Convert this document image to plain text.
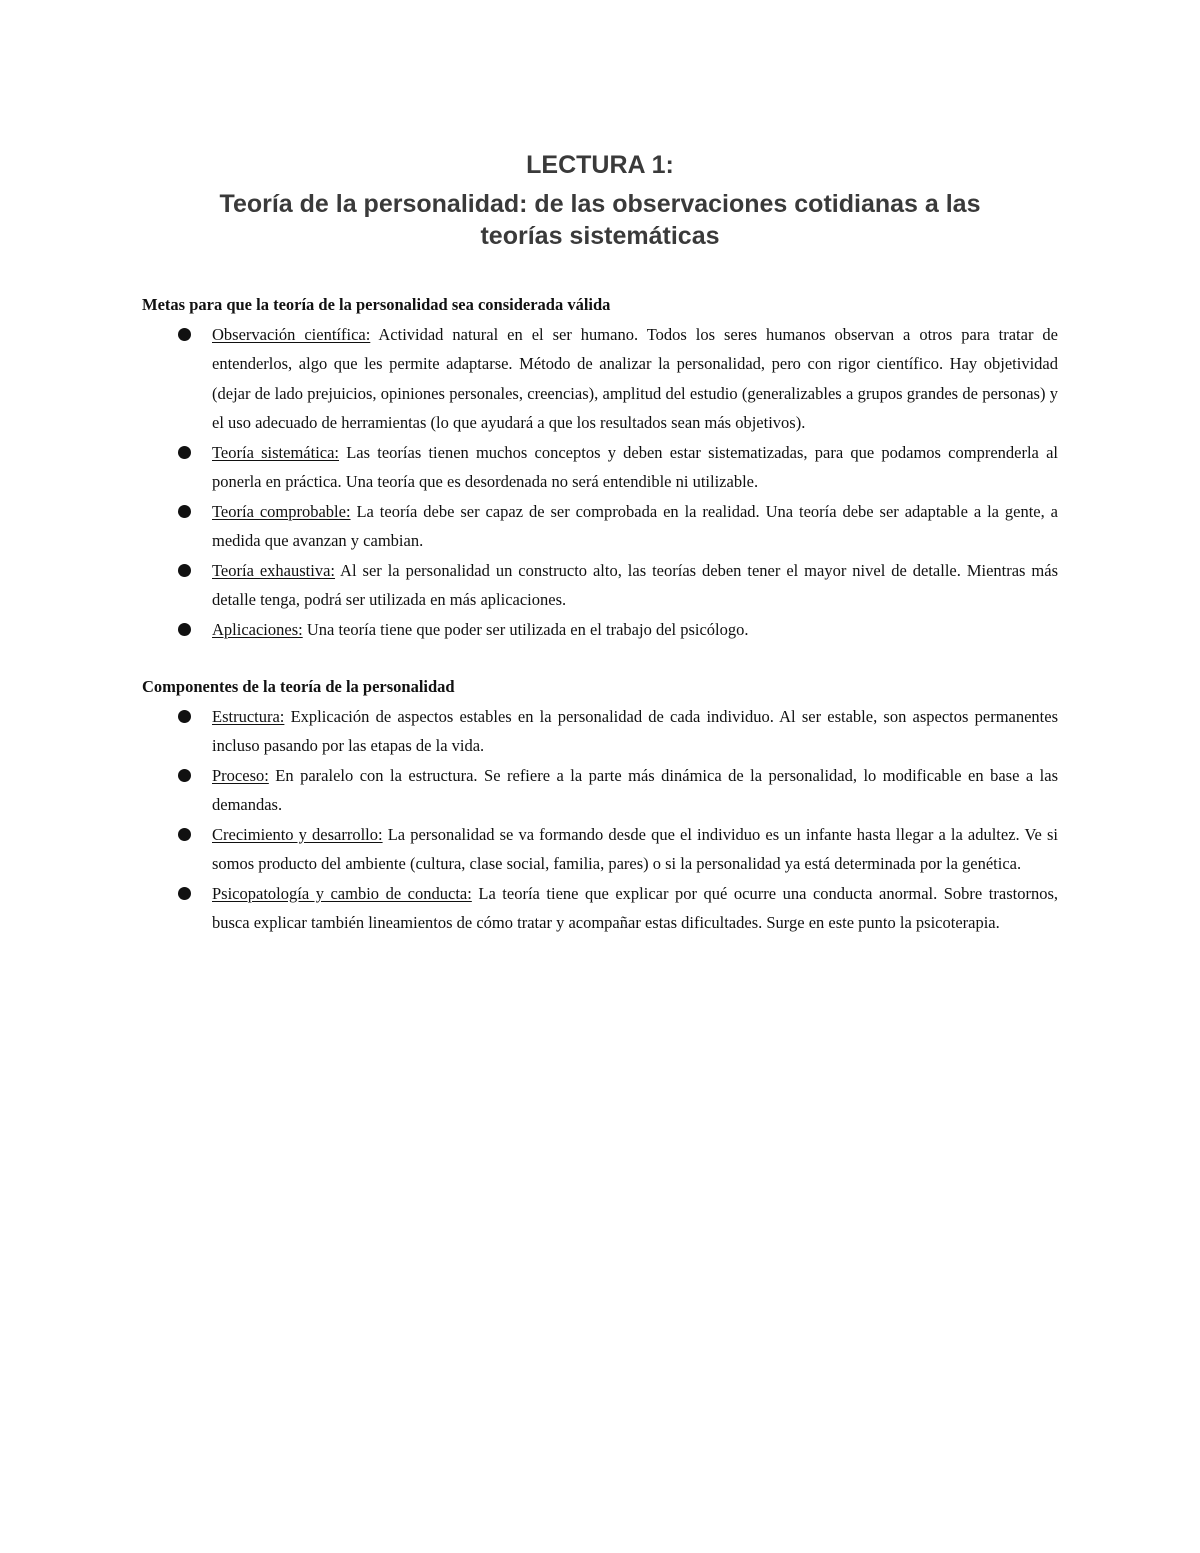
LECTURA 1:
Teoría de la personalidad: de las observaciones cotidianas a las
teorías sistemáticas

Metas para que la teoría de la personalidad sea considerada válida

Observación científica: Actividad natural en el ser humano. Todos los seres humanos observan a otros para tratar de entenderlos, algo que les permite adaptarse. Método de analizar la personalidad, pero con rigor científico. Hay objetividad (dejar de lado prejuicios, opiniones personales, creencias), amplitud del estudio (generalizables a grupos grandes de personas) y el uso adecuado de herramientas (lo que ayudará a que los resultados sean más objetivos).
Teoría sistemática: Las teorías tienen muchos conceptos y deben estar sistematizadas, para que podamos comprenderla al ponerla en práctica. Una teoría que es desordenada no será entendible ni utilizable.
Teoría comprobable: La teoría debe ser capaz de ser comprobada en la realidad. Una teoría debe ser adaptable a la gente, a medida que avanzan y cambian.
Teoría exhaustiva: Al ser la personalidad un constructo alto, las teorías deben tener el mayor nivel de detalle. Mientras más detalle tenga, podrá ser utilizada en más aplicaciones.
Aplicaciones: Una teoría tiene que poder ser utilizada en el trabajo del psicólogo.

Componentes de la teoría de la personalidad

Estructura: Explicación de aspectos estables en la personalidad de cada individuo. Al ser estable, son aspectos permanentes incluso pasando por las etapas de la vida.
Proceso: En paralelo con la estructura. Se refiere a la parte más dinámica de la personalidad, lo modificable en base a las demandas.
Crecimiento y desarrollo: La personalidad se va formando desde que el individuo es un infante hasta llegar a la adultez. Ve si somos producto del ambiente (cultura, clase social, familia, pares) o si la personalidad ya está determinada por la genética.
Psicopatología y cambio de conducta: La teoría tiene que explicar por qué ocurre una conducta anormal. Sobre trastornos, busca explicar también lineamientos de cómo tratar y acompañar estas dificultades. Surge en este punto la psicoterapia.
